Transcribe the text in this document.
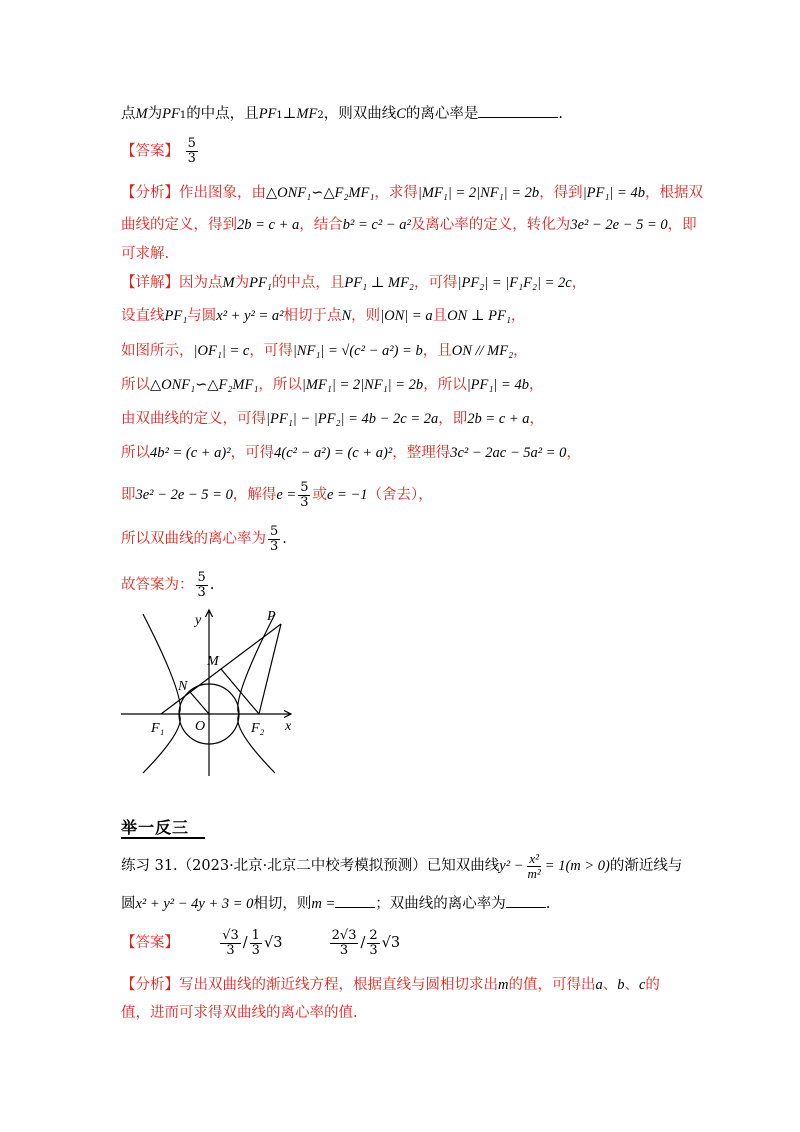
点M为PF1的中点，且PF1⊥MF2，则双曲线C的离心率是	.
【答案】 $\frac{5}{3}$
【分析】作出图象，由△ONF₁∽△F₂MF₁，求得|MF₁| = 2|NF₁| = 2b，得到|PF₁| = 4b，根据双
曲线的定义，得到2b = c + a，结合b² = c² − a²及离心率的定义，转化为3e² − 2e − 5 = 0，即
可求解.
【详解】因为点M为PF₁的中点，且PF₁ ⊥ MF₂，可得|PF₂| = |F₁F₂| = 2c，
设直线PF₁与圆x² + y² = a²相切于点N，则|ON| = a且ON ⊥ PF₁，
如图所示，|OF₁| = c，可得|NF₁| = √(c² − a²) = b，且ON // MF₂，
所以△ONF₁∽△F₂MF₁，所以|MF₁| = 2|NF₁| = 2b，所以|PF₁| = 4b，
由双曲线的定义，可得|PF₁| − |PF₂| = 4b − 2c = 2a，即2b = c + a，
所以4b² = (c + a)²，可得4(c² − a²) = (c + a)²，整理得3c² − 2ac − 5a² = 0，
即3e² − 2e − 5 = 0，解得$e = \frac{5}{3}$ 或e = −1（舍去），
所以双曲线的离心率为 $\frac{5}{3}$ .
故答案为： $\frac{5}{3}$ .
P
M
N
O
F₁	F₂ x
y
举一反三
练习 31.（2023·北京·北京二中校考模拟预测）已知双曲线$y^2 - \frac{\text{x²}}{\text{m²}} = 1(m > 0)$的渐近线与
圆x² + y² − 4y + 3 = 0相切，则m =	；双曲线的离心率为	.
【答案】	$\frac{√3}{3} / \frac{1}{3} √3$	$\frac{2√3}{3} / \frac{2}{3} √3$
【分析】写出双曲线的渐近线方程，根据直线与圆相切求出m的值，可得出a、b、c的
值，进而可求得双曲线的离心率的值.
